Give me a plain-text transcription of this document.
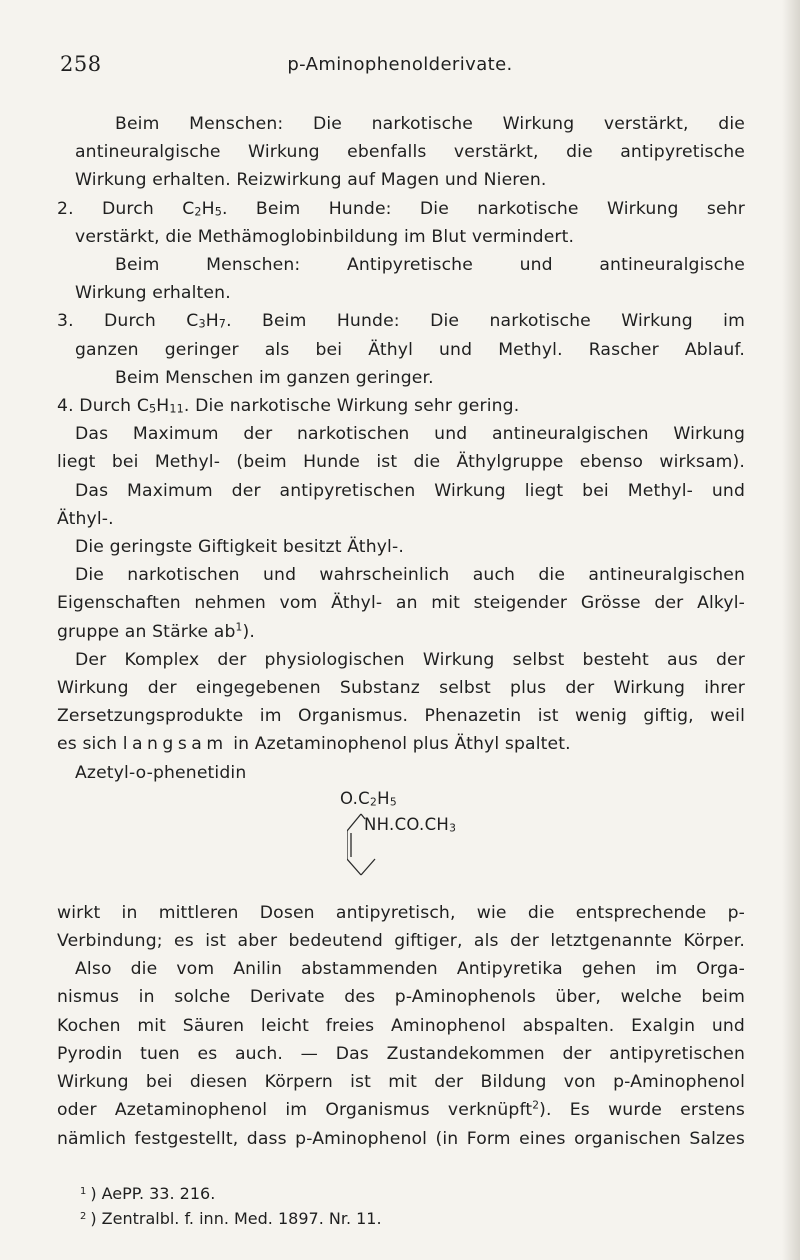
258	p-Aminophenolderivate.

Beim Menschen: Die narkotische Wirkung verstärkt, die

antineuralgische Wirkung ebenfalls verstärkt, die antipyretische

Wirkung erhalten. Reizwirkung auf Magen und Nieren.

2. Durch $C_2H_5$. Beim Hunde: Die narkotische Wirkung sehr

verstärkt, die Methämoglobinbildung im Blut vermindert.

Beim Menschen: Antipyretische und antineuralgische

Wirkung erhalten.

3. Durch $C_3H_7$. Beim Hunde: Die narkotische Wirkung im

ganzen geringer als bei Äthyl und Methyl. Rascher Ablauf.

Beim Menschen im ganzen geringer.

4. Durch $C_5H_{11}$. Die narkotische Wirkung sehr gering.

Das Maximum der narkotischen und antineuralgischen Wirkung

liegt bei Methyl- (beim Hunde ist die Äthylgruppe ebenso wirksam).

Das Maximum der antipyretischen Wirkung liegt bei Methyl- und

Äthyl-.

Die geringste Giftigkeit besitzt Äthyl-.

Die narkotischen und wahrscheinlich auch die antineuralgischen

Eigenschaften nehmen vom Äthyl- an mit steigender Grösse der Alkyl-

gruppe an Stärke $ab^1$).

Der Komplex der physiologischen Wirkung selbst besteht aus der

Wirkung der eingegebenen Substanz selbst plus der Wirkung ihrer

Zersetzungsprodukte im Organismus. Phenazetin ist wenig giftig, weil

es sich langsam in Azetaminophenol plus Äthyl spaltet.

Azetyl-o-phenetidin

$O.C_2H_5$
$NH.CO.CH_3$

wirkt in mittleren Dosen antipyretisch, wie die entsprechende p-

Verbindung; es ist aber bedeutend giftiger, als der letztgenannte Körper.

Also die vom Anilin abstammenden Antipyretika gehen im Orga-

nismus in solche Derivate des p-Aminophenols über, welche beim

Kochen mit Säuren leicht freies Aminophenol abspalten. Exalgin und

Pyrodin tuen es auch. — Das Zustandekommen der antipyretischen

Wirkung bei diesen Körpern ist mit der Bildung von p-Aminophenol

oder Azetaminophenol im Organismus verknüpft$^2$). Es wurde erstens

nämlich festgestellt, dass p-Aminophenol (in Form eines organischen Salzes

$^1$ ) AePP. 33. 216.

$^2$ ) Zentralbl. f. inn. Med. 1897. Nr. 11.
